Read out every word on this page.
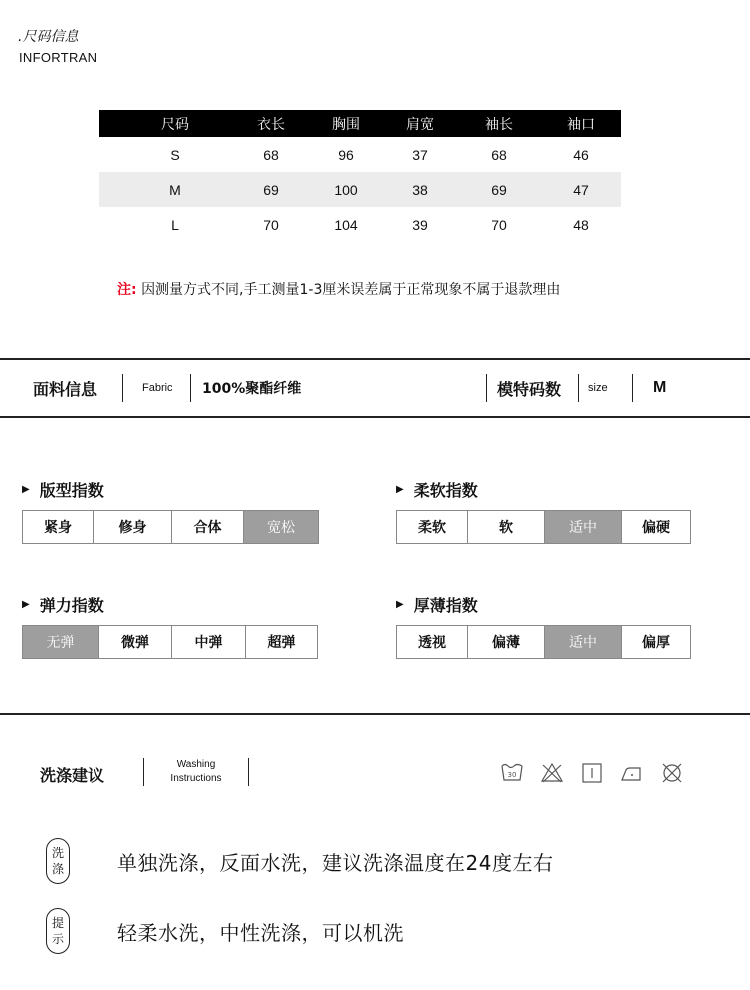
.尺码信息
INFORTRAN
	尺码	衣长	胸围	肩宽	袖长	袖口
	S	68	96	37	68	46
	M	69	100	38	69	47
	L	70	104	39	70	48
注: 因测量方式不同,手工测量1-3厘米误差属于正常现象不属于退款理由
面料信息	Fabric 100%聚酯纤维	模特码数 size	M
▶ 版型指数
紧身	修身	合体	宽松
▶ 柔软指数
柔软	软	适中	偏硬
▶ 弹力指数
无弹	微弹	中弹	超弹
▶ 厚薄指数
透视	偏薄	适中	偏厚
洗涤建议
Washing
Instructions	30
洗
涤	单独洗涤，反面水洗，建议洗涤温度在24度左右
提
示	轻柔水洗，中性洗涤，可以机洗
